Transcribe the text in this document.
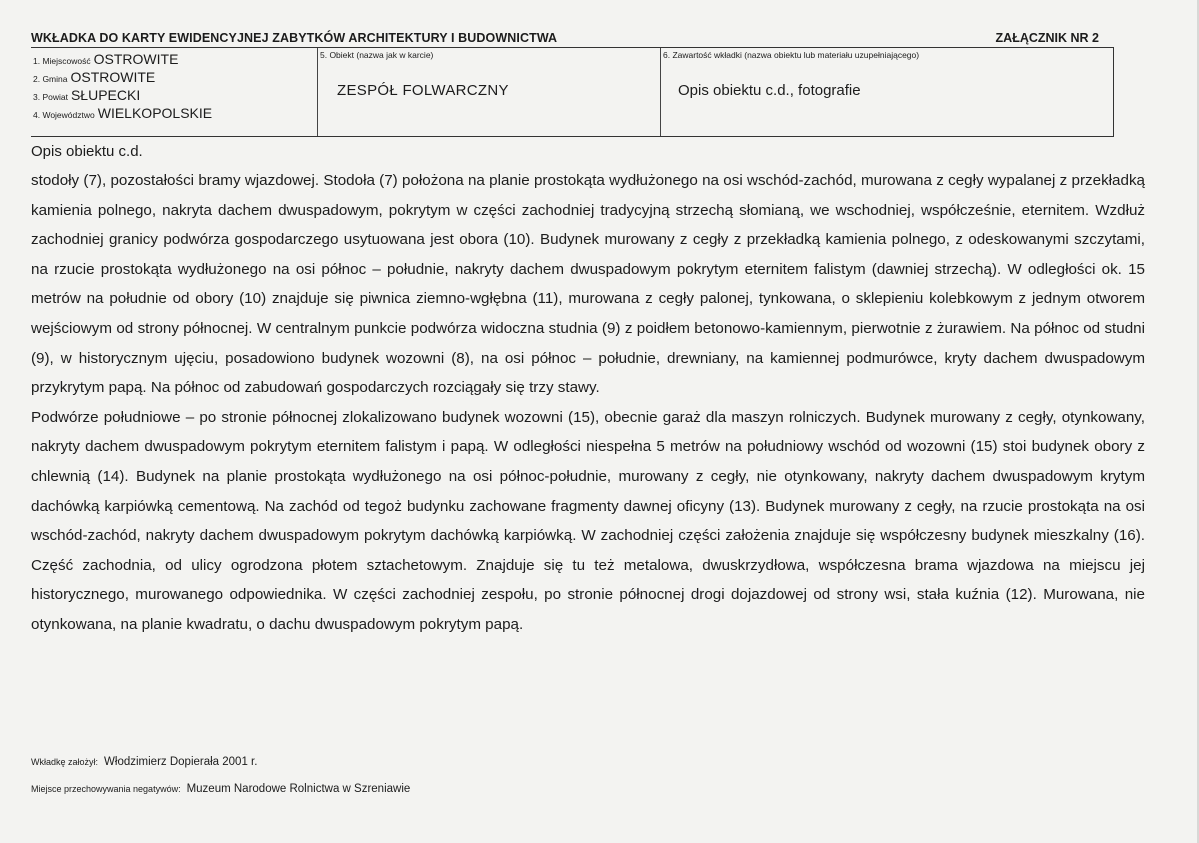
WKŁADKA DO KARTY EWIDENCYJNEJ ZABYTKÓW ARCHITEKTURY I BUDOWNICTWA	ZAŁĄCZNIK NR 2
1. Miejscowość OSTROWITE
2. Gmina OSTROWITE
3. Powiat SŁUPECKI
4. Województwo WIELKOPOLSKIE
5. Obiekt (nazwa jak w karcie)
ZESPÓŁ FOLWARCZNY
6. Zawartość wkładki (nazwa obiektu lub materiału uzupełniającego)
Opis obiektu c.d., fotografie
Opis obiektu c.d.

stodoły (7), pozostałości bramy wjazdowej. Stodoła (7) położona na planie prostokąta wydłużonego na osi wschód-zachód, murowana z cegły wypalanej z przekładką kamienia polnego, nakryta dachem dwuspadowym, pokrytym w części zachodniej tradycyjną strzechą słomianą, we wschodniej, współcześnie, eternitem. Wzdłuż zachodniej granicy podwórza gospodarczego usytuowana jest obora (10). Budynek murowany z cegły z przekładką kamienia polnego, z odeskowanymi szczytami, na rzucie prostokąta wydłużonego na osi północ – południe, nakryty dachem dwuspadowym pokrytym eternitem falistym (dawniej strzechą). W odległości ok. 15 metrów na południe od obory (10) znajduje się piwnica ziemno-wgłębna (11), murowana z cegły palonej, tynkowana, o sklepieniu kolebkowym z jednym otworem wejściowym od strony północnej. W centralnym punkcie podwórza widoczna studnia (9) z poidłem betonowo-kamiennym, pierwotnie z żurawiem. Na północ od studni (9), w historycznym ujęciu, posadowiono budynek wozowni (8), na osi północ – południe, drewniany, na kamiennej podmurówce, kryty dachem dwuspadowym przykrytym papą. Na północ od zabudowań gospodarczych rozciągały się trzy stawy.

Podwórze południowe – po stronie północnej zlokalizowano budynek wozowni (15), obecnie garaż dla maszyn rolniczych. Budynek murowany z cegły, otynkowany, nakryty dachem dwuspadowym pokrytym eternitem falistym i papą. W odległości niespełna 5 metrów na południowy wschód od wozowni (15) stoi budynek obory z chlewnią (14). Budynek na planie prostokąta wydłużonego na osi północ-południe, murowany z cegły, nie otynkowany, nakryty dachem dwuspadowym krytym dachówką karpiówką cementową. Na zachód od tegoż budynku zachowane fragmenty dawnej oficyny (13). Budynek murowany z cegły, na rzucie prostokąta na osi wschód-zachód, nakryty dachem dwuspadowym pokrytym dachówką karpiówką. W zachodniej części założenia znajduje się współczesny budynek mieszkalny (16). Część zachodnia, od ulicy ogrodzona płotem sztachetowym. Znajduje się tu też metalowa, dwuskrzydłowa, współczesna brama wjazdowa na miejscu jej historycznego, murowanego odpowiednika. W części zachodniej zespołu, po stronie północnej drogi dojazdowej od strony wsi, stała kuźnia (12). Murowana, nie otynkowana, na planie kwadratu, o dachu dwuspadowym pokrytym papą.

Wkładkę założył: Włodzimierz Dopierała 2001 r.
Miejsce przechowywania negatywów: Muzeum Narodowe Rolnictwa w Szreniawie
